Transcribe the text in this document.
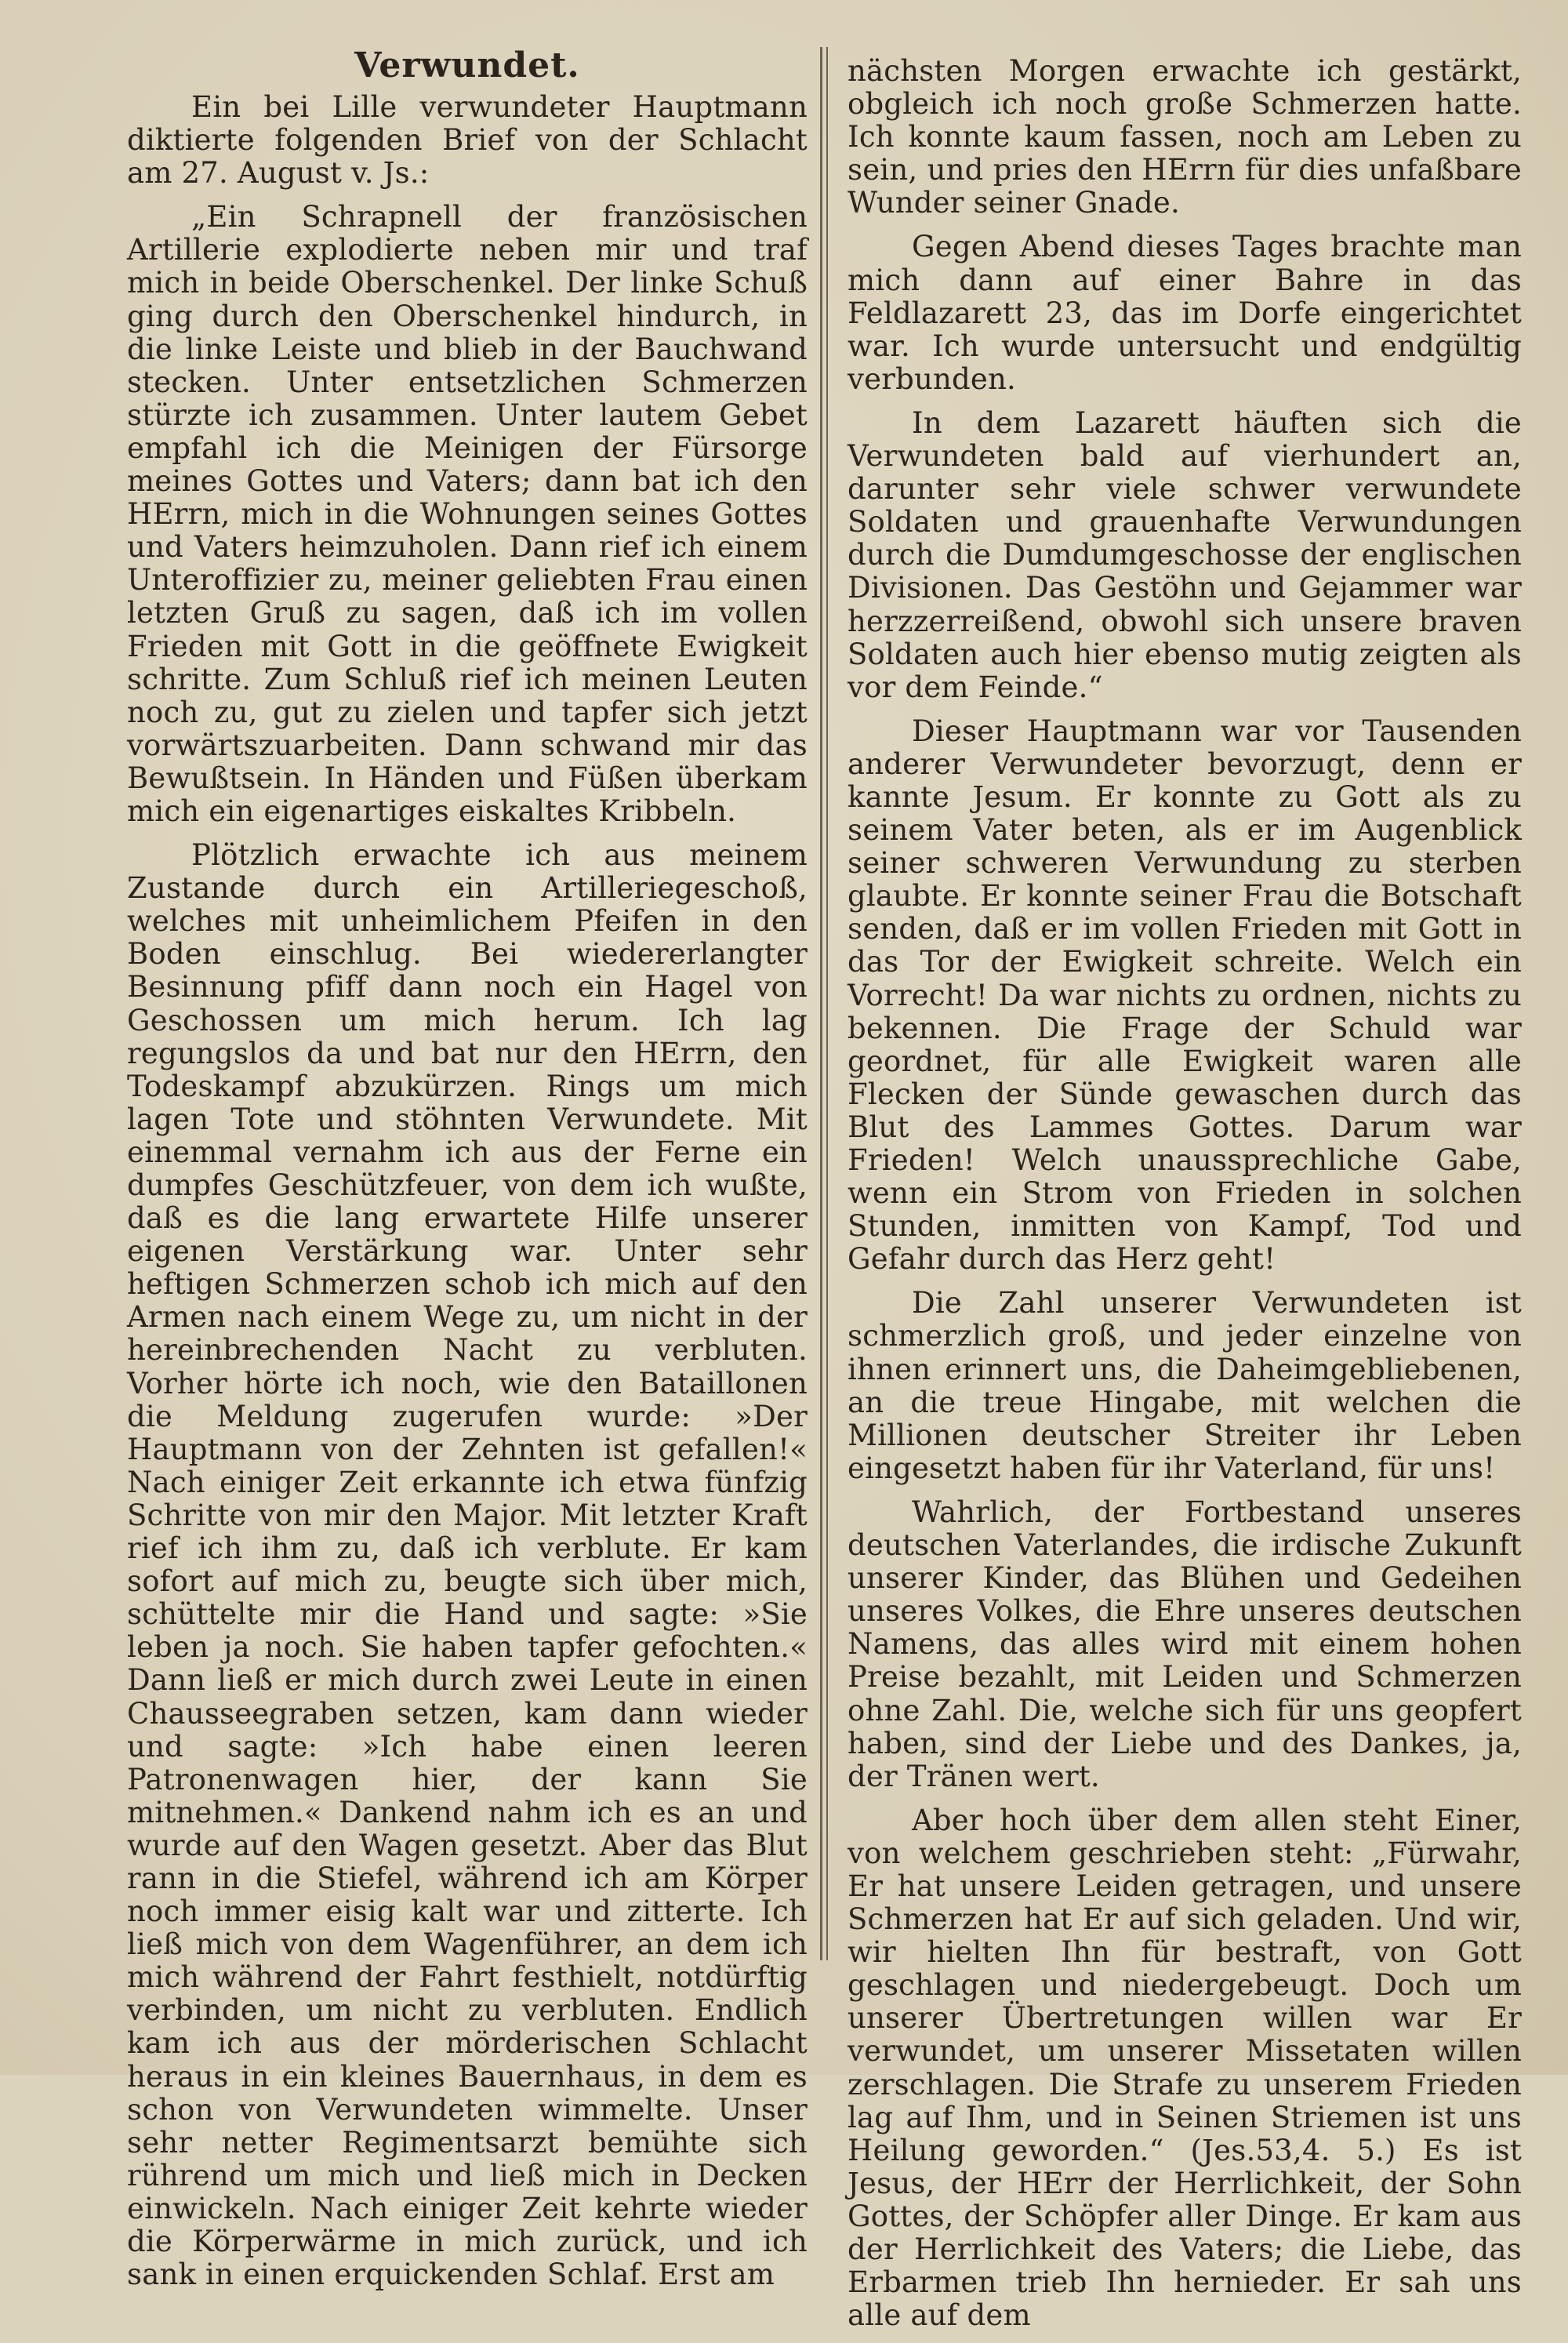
Verwundet.

Ein bei Lille verwundeter Hauptmann diktierte folgenden Brief von der Schlacht am 27. August v. Js.:

„Ein Schrapnell der französischen Artillerie explodierte neben mir und traf mich in beide Oberschenkel. Der linke Schuß ging durch den Oberschenkel hindurch, in die linke Leiste und blieb in der Bauchwand stecken. Unter entsetzlichen Schmerzen stürzte ich zusammen. Unter lautem Gebet empfahl ich die Meinigen der Fürsorge meines Gottes und Vaters; dann bat ich den HErrn, mich in die Wohnungen seines Gottes und Vaters heimzuholen. Dann rief ich einem Unteroffizier zu, meiner geliebten Frau einen letzten Gruß zu sagen, daß ich im vollen Frieden mit Gott in die geöffnete Ewigkeit schritte. Zum Schluß rief ich meinen Leuten noch zu, gut zu zielen und tapfer sich jetzt vorwärtszuarbeiten. Dann schwand mir das Bewußtsein. In Händen und Füßen überkam mich ein eigenartiges eiskaltes Kribbeln.

Plötzlich erwachte ich aus meinem Zustande durch ein Artilleriegeschoß, welches mit unheimlichem Pfeifen in den Boden einschlug. Bei wiedererlangter Besinnung pfiff dann noch ein Hagel von Geschossen um mich herum. Ich lag regungslos da und bat nur den HErrn, den Todeskampf abzukürzen. Rings um mich lagen Tote und stöhnten Verwundete. Mit einemmal vernahm ich aus der Ferne ein dumpfes Geschützfeuer, von dem ich wußte, daß es die lang erwartete Hilfe unserer eigenen Verstärkung war. Unter sehr heftigen Schmerzen schob ich mich auf den Armen nach einem Wege zu, um nicht in der hereinbrechenden Nacht zu verbluten. Vorher hörte ich noch, wie den Bataillonen die Meldung zugerufen wurde: »Der Hauptmann von der Zehnten ist gefallen!« Nach einiger Zeit erkannte ich etwa fünfzig Schritte von mir den Major. Mit letzter Kraft rief ich ihm zu, daß ich verblute. Er kam sofort auf mich zu, beugte sich über mich, schüttelte mir die Hand und sagte: »Sie leben ja noch. Sie haben tapfer gefochten.« Dann ließ er mich durch zwei Leute in einen Chausseegraben setzen, kam dann wieder und sagte: »Ich habe einen leeren Patronenwagen hier, der kann Sie mitnehmen.« Dankend nahm ich es an und wurde auf den Wagen gesetzt. Aber das Blut rann in die Stiefel, während ich am Körper noch immer eisig kalt war und zitterte. Ich ließ mich von dem Wagenführer, an dem ich mich während der Fahrt festhielt, notdürftig verbinden, um nicht zu verbluten. Endlich kam ich aus der mörderischen Schlacht heraus in ein kleines Bauernhaus, in dem es schon von Verwundeten wimmelte. Unser sehr netter Regimentsarzt bemühte sich rührend um mich und ließ mich in Decken einwickeln. Nach einiger Zeit kehrte wieder die Körperwärme in mich zurück, und ich sank in einen erquickenden Schlaf. Erst am

nächsten Morgen erwachte ich gestärkt, obgleich ich noch große Schmerzen hatte. Ich konnte kaum fassen, noch am Leben zu sein, und pries den HErrn für dies unfaßbare Wunder seiner Gnade.

Gegen Abend dieses Tages brachte man mich dann auf einer Bahre in das Feldlazarett 23, das im Dorfe eingerichtet war. Ich wurde untersucht und endgültig verbunden.

In dem Lazarett häuften sich die Verwundeten bald auf vierhundert an, darunter sehr viele schwer verwundete Soldaten und grauenhafte Verwundungen durch die Dumdumgeschosse der englischen Divisionen. Das Gestöhn und Gejammer war herzzerreißend, obwohl sich unsere braven Soldaten auch hier ebenso mutig zeigten als vor dem Feinde.“

Dieser Hauptmann war vor Tausenden anderer Verwundeter bevorzugt, denn er kannte Jesum. Er konnte zu Gott als zu seinem Vater beten, als er im Augenblick seiner schweren Verwundung zu sterben glaubte. Er konnte seiner Frau die Botschaft senden, daß er im vollen Frieden mit Gott in das Tor der Ewigkeit schreite. Welch ein Vorrecht! Da war nichts zu ordnen, nichts zu bekennen. Die Frage der Schuld war geordnet, für alle Ewigkeit waren alle Flecken der Sünde gewaschen durch das Blut des Lammes Gottes. Darum war Frieden! Welch unaussprechliche Gabe, wenn ein Strom von Frieden in solchen Stunden, inmitten von Kampf, Tod und Gefahr durch das Herz geht!

Die Zahl unserer Verwundeten ist schmerzlich groß, und jeder einzelne von ihnen erinnert uns, die Daheimgebliebenen, an die treue Hingabe, mit welchen die Millionen deutscher Streiter ihr Leben eingesetzt haben für ihr Vaterland, für uns!

Wahrlich, der Fortbestand unseres deutschen Vaterlandes, die irdische Zukunft unserer Kinder, das Blühen und Gedeihen unseres Volkes, die Ehre unseres deutschen Namens, das alles wird mit einem hohen Preise bezahlt, mit Leiden und Schmerzen ohne Zahl. Die, welche sich für uns geopfert haben, sind der Liebe und des Dankes, ja, der Tränen wert.

Aber hoch über dem allen steht Einer, von welchem geschrieben steht: „Fürwahr, Er hat unsere Leiden getragen, und unsere Schmerzen hat Er auf sich geladen. Und wir, wir hielten Ihn für bestraft, von Gott geschlagen und niedergebeugt. Doch um unserer Übertretungen willen war Er verwundet, um unserer Missetaten willen zerschlagen. Die Strafe zu unserem Frieden lag auf Ihm, und in Seinen Striemen ist uns Heilung geworden.“ (Jes.53,4. 5.) Es ist Jesus, der HErr der Herrlichkeit, der Sohn Gottes, der Schöpfer aller Dinge. Er kam aus der Herrlichkeit des Vaters; die Liebe, das Erbarmen trieb Ihn hernieder. Er sah uns alle auf dem
